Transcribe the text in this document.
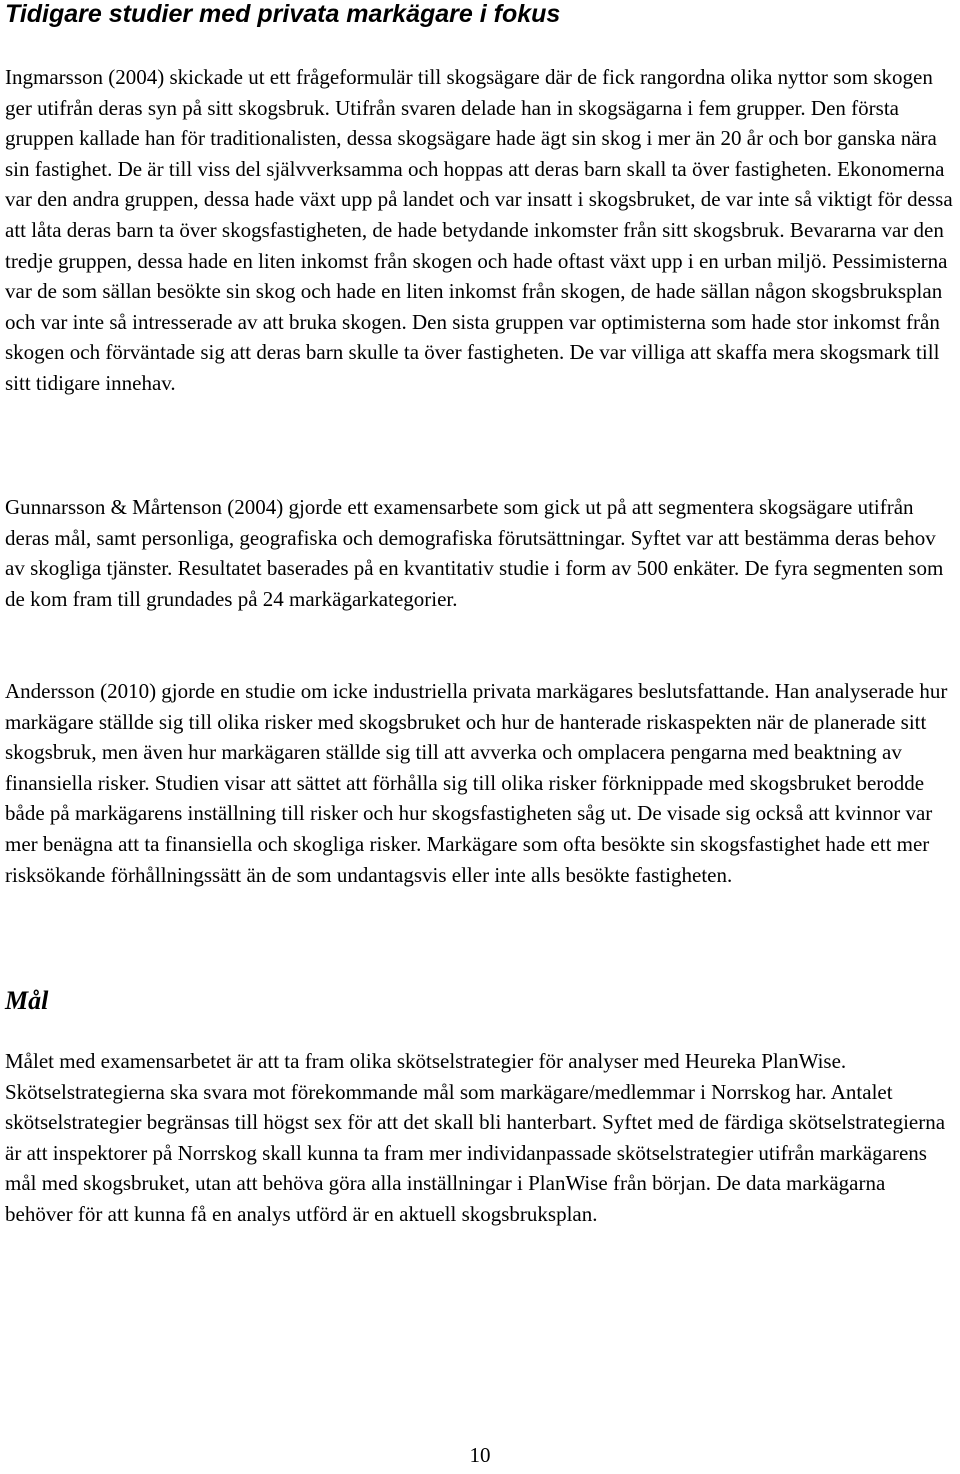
Tidigare studier med privata markägare i fokus

Ingmarsson (2004) skickade ut ett frågeformulär till skogsägare där de fick rangordna olika nyttor som skogen ger utifrån deras syn på sitt skogsbruk. Utifrån svaren delade han in skogsägarna i fem grupper. Den första gruppen kallade han för traditionalisten, dessa skogsägare hade ägt sin skog i mer än 20 år och bor ganska nära sin fastighet. De är till viss del självverksamma och hoppas att deras barn skall ta över fastigheten. Ekonomerna var den andra gruppen, dessa hade växt upp på landet och var insatt i skogsbruket, de var inte så viktigt för dessa att låta deras barn ta över skogsfastigheten, de hade betydande inkomster från sitt skogsbruk. Bevararna var den tredje gruppen, dessa hade en liten inkomst från skogen och hade oftast växt upp i en urban miljö. Pessimisterna var de som sällan besökte sin skog och hade en liten inkomst från skogen, de hade sällan någon skogsbruksplan och var inte så intresserade av att bruka skogen. Den sista gruppen var optimisterna som hade stor inkomst från skogen och förväntade sig att deras barn skulle ta över fastigheten. De var villiga att skaffa mera skogsmark till sitt tidigare innehav.

Gunnarsson & Mårtenson (2004) gjorde ett examensarbete som gick ut på att segmentera skogsägare utifrån deras mål, samt personliga, geografiska och demografiska förutsättningar. Syftet var att bestämma deras behov av skogliga tjänster. Resultatet baserades på en kvantitativ studie i form av 500 enkäter. De fyra segmenten som de kom fram till grundades på 24 markägarkategorier.

Andersson (2010) gjorde en studie om icke industriella privata markägares beslutsfattande. Han analyserade hur markägare ställde sig till olika risker med skogsbruket och hur de hanterade riskaspekten när de planerade sitt skogsbruk, men även hur markägaren ställde sig till att avverka och omplacera pengarna med beaktning av finansiella risker. Studien visar att sättet att förhålla sig till olika risker förknippade med skogsbruket berodde både på markägarens inställning till risker och hur skogsfastigheten såg ut. De visade sig också att kvinnor var mer benägna att ta finansiella och skogliga risker. Markägare som ofta besökte sin skogsfastighet hade ett mer risksökande förhållningssätt än de som undantagsvis eller inte alls besökte fastigheten.

Mål

Målet med examensarbetet är att ta fram olika skötselstrategier för analyser med Heureka PlanWise. Skötselstrategierna ska svara mot förekommande mål som markägare/medlemmar i Norrskog har. Antalet skötselstrategier begränsas till högst sex för att det skall bli hanterbart. Syftet med de färdiga skötselstrategierna är att inspektorer på Norrskog skall kunna ta fram mer individanpassade skötselstrategier utifrån markägarens mål med skogsbruket, utan att behöva göra alla inställningar i PlanWise från början. De data markägarna behöver för att kunna få en analys utförd är en aktuell skogsbruksplan.

10
